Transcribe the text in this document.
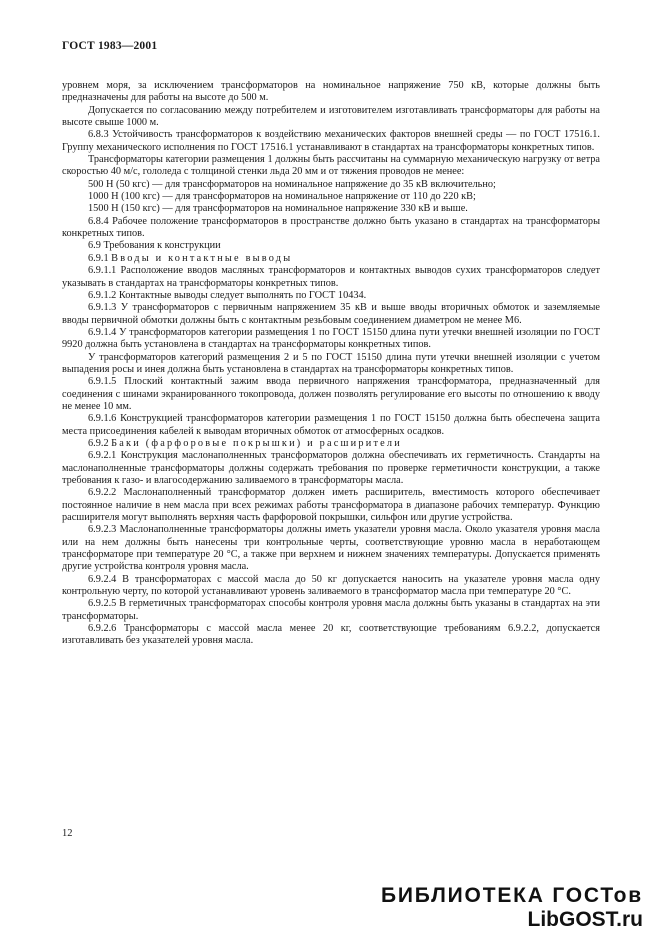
ГОСТ 1983—2001

уровнем моря, за исключением трансформаторов на номинальное напряжение 750 кВ, которые должны быть предназначены для работы на высоте до 500 м.

Допускается по согласованию между потребителем и изготовителем изготавливать трансформаторы для работы на высоте свыше 1000 м.

6.8.3 Устойчивость трансформаторов к воздействию механических факторов внешней среды — по ГОСТ 17516.1. Группу механического исполнения по ГОСТ 17516.1 устанавливают в стандартах на трансформаторы конкретных типов.

Трансформаторы категории размещения 1 должны быть рассчитаны на суммарную механическую нагрузку от ветра скоростью 40 м/с, гололеда с толщиной стенки льда 20 мм и от тяжения проводов не менее:

500 Н (50 кгс) — для трансформаторов на номинальное напряжение до 35 кВ включительно;

1000 Н (100 кгс) — для трансформаторов на номинальное напряжение от 110 до 220 кВ;

1500 Н (150 кгс) — для трансформаторов на номинальное напряжение 330 кВ и выше.

6.8.4 Рабочее положение трансформаторов в пространстве должно быть указано в стандартах на трансформаторы конкретных типов.

6.9 Требования к конструкции

6.9.1 Вводы и контактные выводы

6.9.1.1 Расположение вводов масляных трансформаторов и контактных выводов сухих трансформаторов следует указывать в стандартах на трансформаторы конкретных типов.

6.9.1.2 Контактные выводы следует выполнять по ГОСТ 10434.

6.9.1.3 У трансформаторов с первичным напряжением 35 кВ и выше вводы вторичных обмоток и заземляемые вводы первичной обмотки должны быть с контактным резьбовым соединением диаметром не менее М6.

6.9.1.4 У трансформаторов категории размещения 1 по ГОСТ 15150 длина пути утечки внешней изоляции по ГОСТ 9920 должна быть установлена в стандартах на трансформаторы конкретных типов.

У трансформаторов категорий размещения 2 и 5 по ГОСТ 15150 длина пути утечки внешней изоляции с учетом выпадения росы и инея должна быть установлена в стандартах на трансформаторы конкретных типов.

6.9.1.5 Плоский контактный зажим ввода первичного напряжения трансформатора, предназначенный для соединения с шинами экранированного токопровода, должен позволять регулирование его высоты по отношению к вводу не менее 10 мм.

6.9.1.6 Конструкцией трансформаторов категории размещения 1 по ГОСТ 15150 должна быть обеспечена защита места присоединения кабелей к выводам вторичных обмоток от атмосферных осадков.

6.9.2 Баки (фарфоровые покрышки) и расширители

6.9.2.1 Конструкция маслонаполненных трансформаторов должна обеспечивать их герметичность. Стандарты на маслонаполненные трансформаторы должны содержать требования по проверке герметичности конструкции, а также требования к газо- и влагосодержанию заливаемого в трансформаторы масла.

6.9.2.2 Маслонаполненный трансформатор должен иметь расширитель, вместимость которого обеспечивает постоянное наличие в нем масла при всех режимах работы трансформатора в диапазоне рабочих температур. Функцию расширителя могут выполнять верхняя часть фарфоровой покрышки, сильфон или другие устройства.

6.9.2.3 Маслонаполненные трансформаторы должны иметь указатели уровня масла. Около указателя уровня масла или на нем должны быть нанесены три контрольные черты, соответствующие уровню масла в неработающем трансформаторе при температуре 20 °С, а также при верхнем и нижнем значениях температуры. Допускается применять другие устройства контроля уровня масла.

6.9.2.4 В трансформаторах с массой масла до 50 кг допускается наносить на указателе уровня масла одну контрольную черту, по которой устанавливают уровень заливаемого в трансформатор масла при температуре 20 °С.

6.9.2.5 В герметичных трансформаторах способы контроля уровня масла должны быть указаны в стандартах на эти трансформаторы.

6.9.2.6 Трансформаторы с массой масла менее 20 кг, соответствующие требованиям 6.9.2.2, допускается изготавливать без указателей уровня масла.

12
БИБЛИОТЕКА ГОСТов
LibGOST.ru
